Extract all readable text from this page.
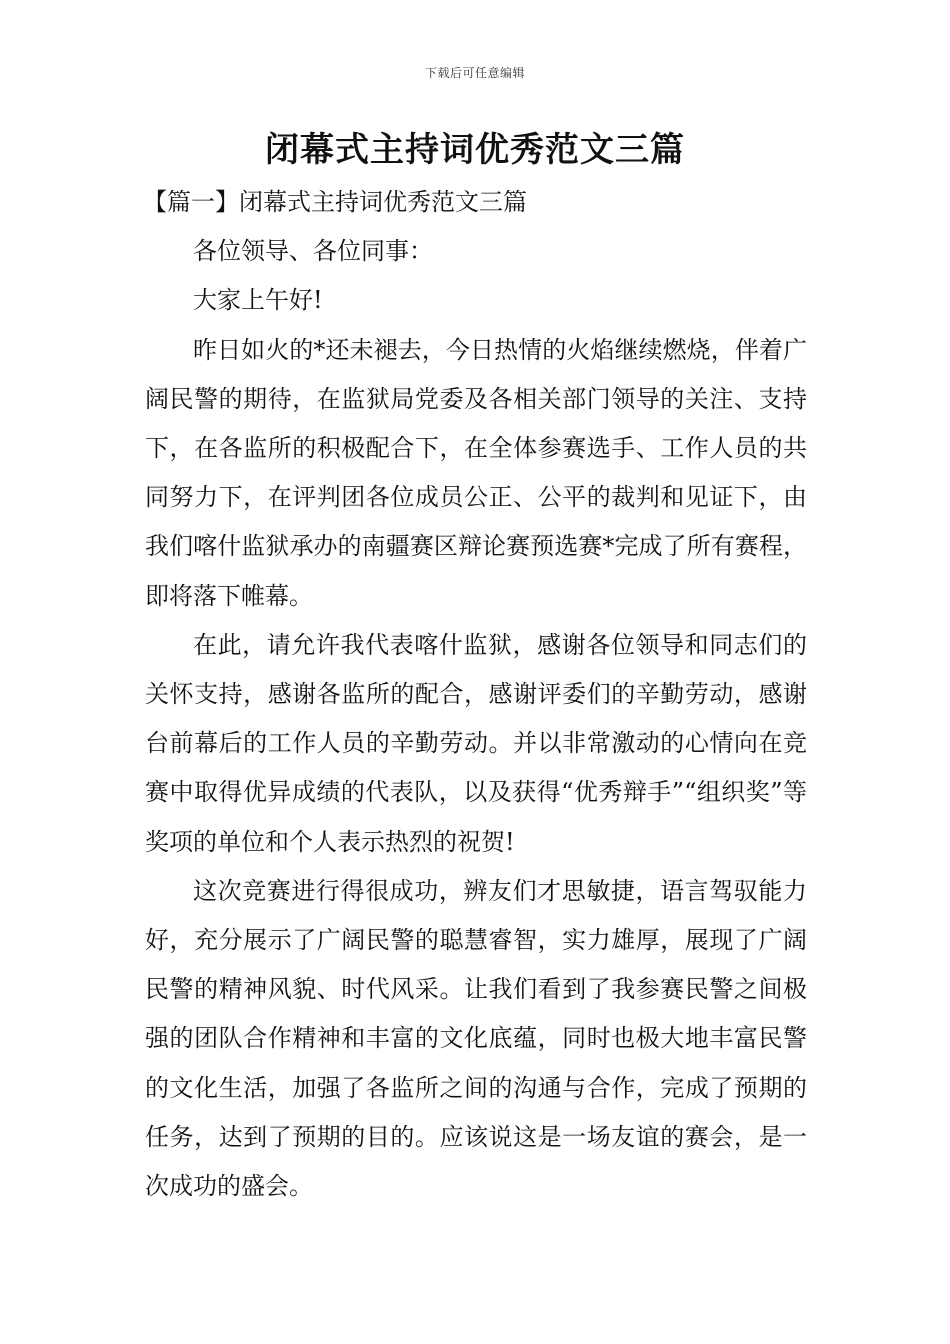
下载后可任意编辑
闭幕式主持词优秀范文三篇
【篇一】闭幕式主持词优秀范文三篇

各位领导、各位同事：

大家上午好!

昨日如火的*还未褪去，今日热情的火焰继续燃烧，伴着广阔民警的期待，在监狱局党委及各相关部门领导的关注、支持下，在各监所的积极配合下，在全体参赛选手、工作人员的共同努力下，在评判团各位成员公正、公平的裁判和见证下，由我们喀什监狱承办的南疆赛区辩论赛预选赛*完成了所有赛程，即将落下帷幕。

在此，请允许我代表喀什监狱，感谢各位领导和同志们的关怀支持，感谢各监所的配合，感谢评委们的辛勤劳动，感谢台前幕后的工作人员的辛勤劳动。并以非常激动的心情向在竞赛中取得优异成绩的代表队，以及获得“优秀辩手”“组织奖”等奖项的单位和个人表示热烈的祝贺!

这次竞赛进行得很成功，辨友们才思敏捷，语言驾驭能力好，充分展示了广阔民警的聪慧睿智，实力雄厚，展现了广阔民警的精神风貌、时代风采。让我们看到了我参赛民警之间极强的团队合作精神和丰富的文化底蕴，同时也极大地丰富民警的文化生活，加强了各监所之间的沟通与合作，完成了预期的任务，达到了预期的目的。应该说这是一场友谊的赛会，是一次成功的盛会。
